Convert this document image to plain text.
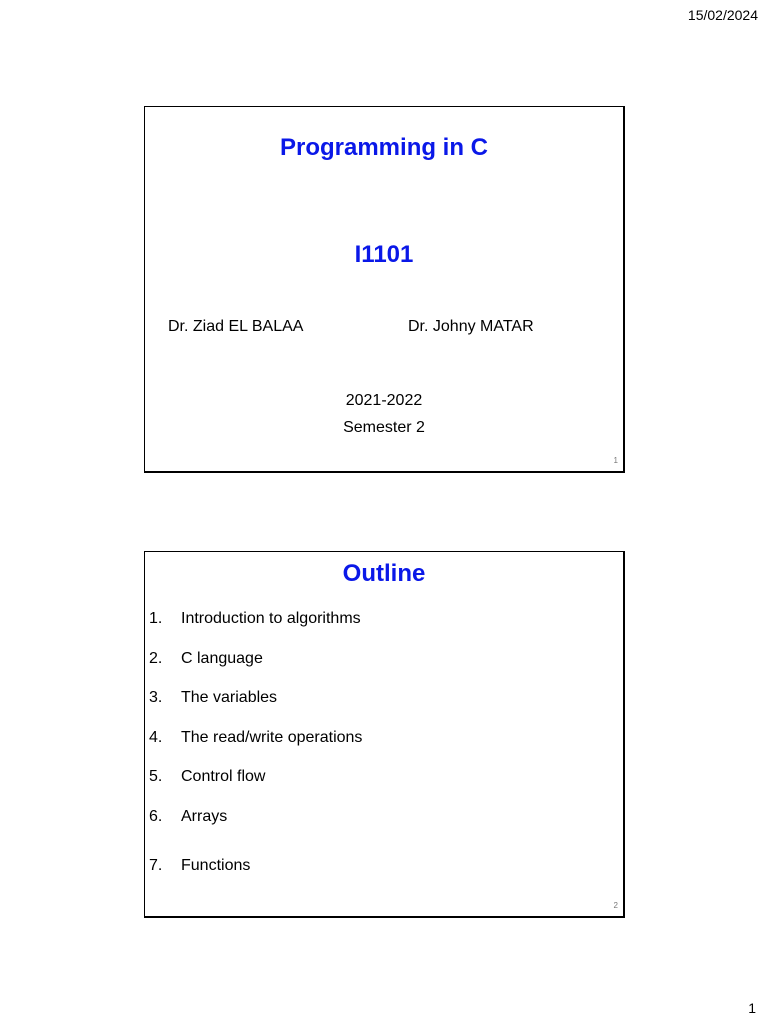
15/02/2024
Programming in C
I1101
Dr. Ziad EL BALAA	Dr. Johny MATAR
2021-2022
Semester 2
1
Outline
1. Introduction to algorithms
2. C language
3. The variables
4. The read/write operations
5. Control flow
6. Arrays
7. Functions
2
1
